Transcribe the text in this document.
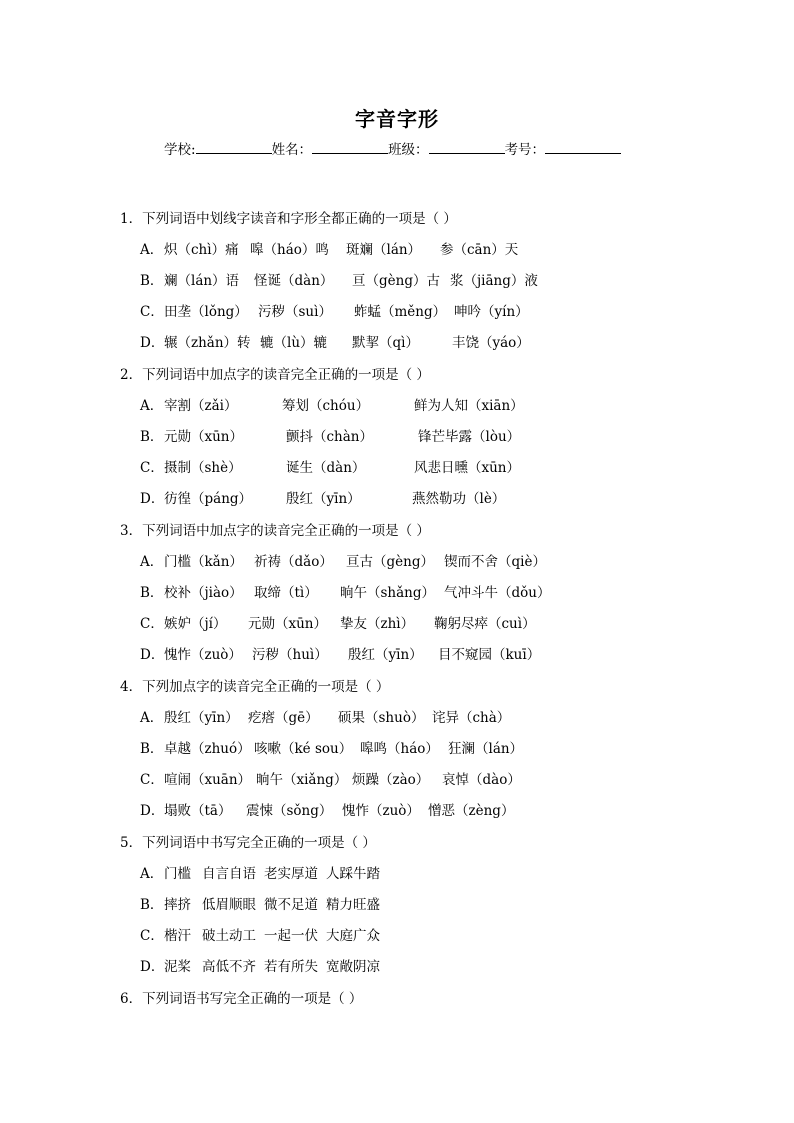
字音字形
学校:	姓名：	班级：	考号：
1．下列词语中划线字读音和字形全都正确的一项是（ ）
A．炽（chì）痛 嗥（háo）鸣 斑斓（lán） 参（cān）天
B．斓（lán）语 怪诞（dàn） 亘（gèng）古 浆（jiāng）液
C．田垄（lǒng） 污秽（suì） 蚱蜢（měng） 呻吟（yín）
D．辗（zhǎn）转 辘（lù）辘 默挈（qì） 丰饶（yáo）
2．下列词语中加点字的读音完全正确的一项是（ ）
A．宰割（zǎi）	筹划（chóu）	鲜为人知（xiān）
B．元勋（xūn）	颤抖（chàn）	锋芒毕露（lòu）
C．摄制（shè）	诞生（dàn）	风悲日曛（xūn）
D．彷徨（páng）	殷红（yīn）	燕然勒功（lè）
3．下列词语中加点字的读音完全正确的一项是（ ）
A．门槛（kǎn） 祈祷（dǎo） 亘古（gèng） 锲而不舍（qiè）
B．校补（jiào） 取缔（tì） 晌午（shǎng） 气冲斗牛（dǒu）
C．嫉妒（jí） 元勋（xūn） 挚友（zhì） 鞠躬尽瘁（cuì）
D．愧怍（zuò） 污秽（huì） 殷红（yīn） 目不窥园（kuī）
4．下列加点字的读音完全正确的一项是（ ）
A．殷红（yīn） 疙瘩（gē） 硕果（shuò） 诧异（chà）
B．卓越（zhuó） 咳嗽（ké sou） 嗥鸣（háo） 狂澜（lán）
C．喧闹（xuān） 晌午（xiǎng） 烦躁（zào） 哀悼（dào）
D．塌败（tā） 震悚（sǒng） 愧怍（zuò） 憎恶（zèng）
5．下列词语中书写完全正确的一项是（ ）
A．门槛 自言自语 老实厚道 人踩牛踏
B．摔挤 低眉顺眼 微不足道 精力旺盛
C．楷汗 破土动工 一起一伏 大庭广众
D．泥桨 高低不齐 若有所失 宽敞阴凉
6．下列词语书写完全正确的一项是（ ）
